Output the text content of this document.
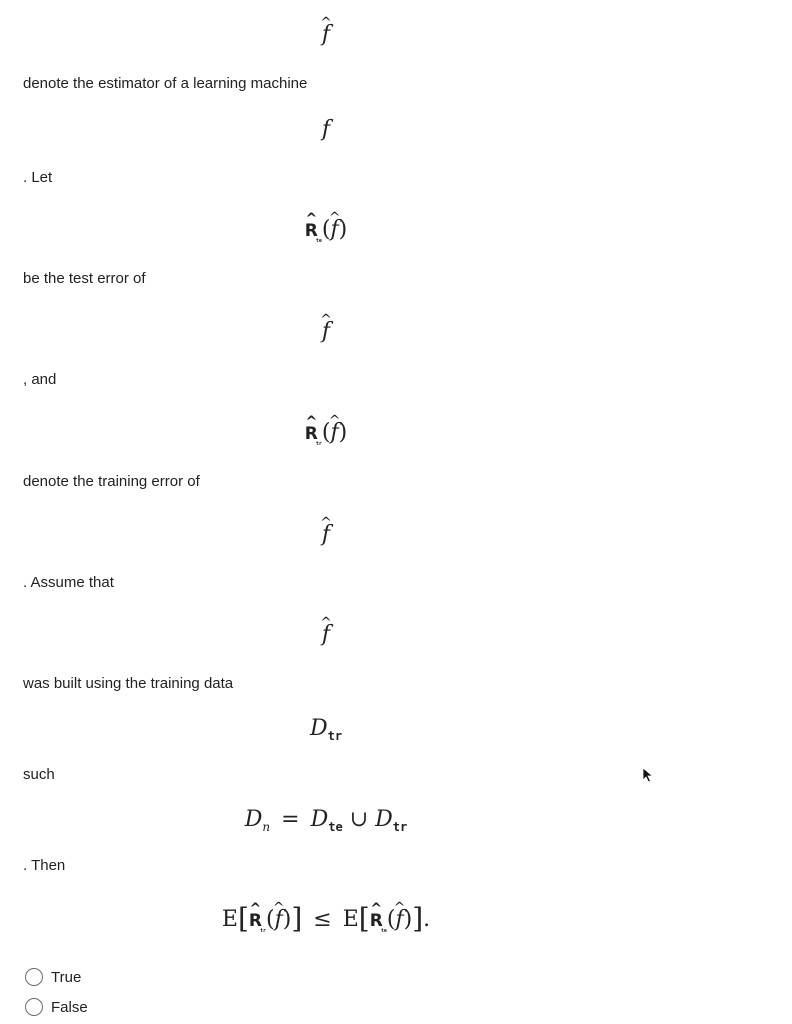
^ f
denote the estimator of a learning machine
f
. Let
^ $R_{te}(\^{}$ f)
be the test error of
^ f
, and
^ $R_{tr}(\^{}$ f)
denote the training error of
^ f
. Assume that
^ f
was built using the training data
$D_{tr}$
such
$D_n = D_{te}$ ∪ $D_{tr}$
. Then
E[^ $R_{tr}(\^{}$ f)] ≤ E[^ $R_{te}(\^{}$ f)].
True
False
